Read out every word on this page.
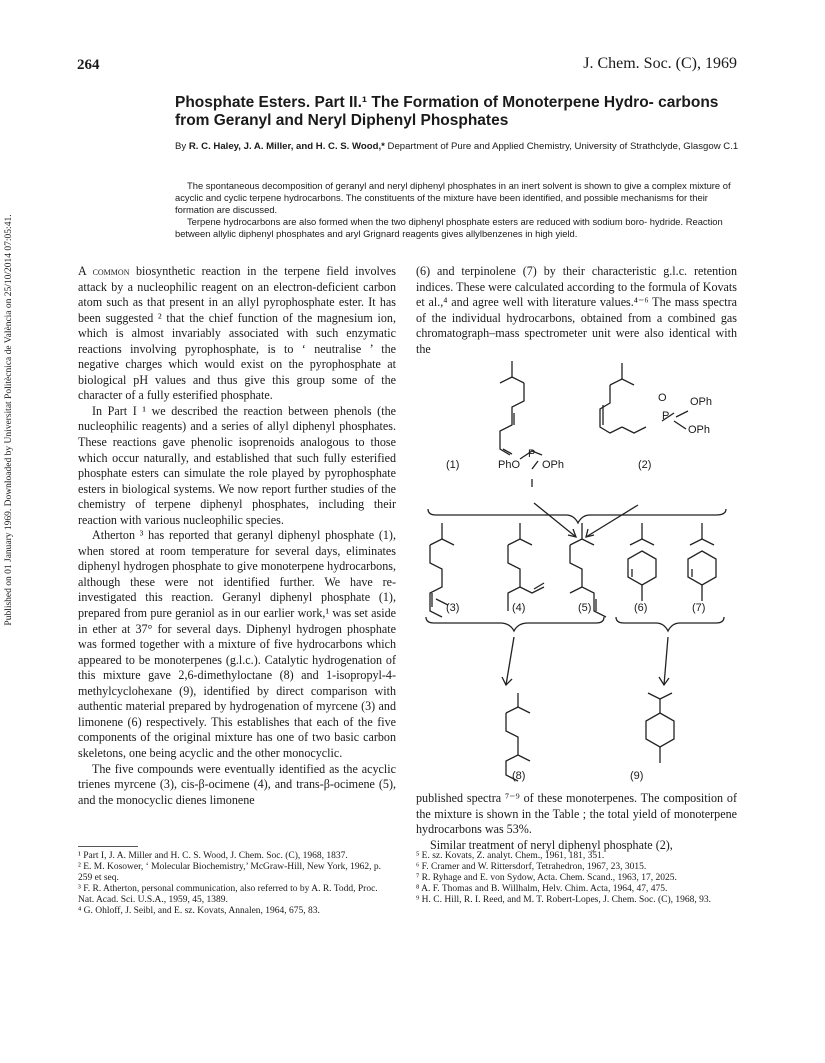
264	J. Chem. Soc. (C), 1969
Published on 01 January 1969. Downloaded by Universitat Politècnica de València on 25/10/2014 07:05:41.
Phosphate Esters. Part II.¹ The Formation of Monoterpene Hydro- carbons from Geranyl and Neryl Diphenyl Phosphates
By R. C. Haley, J. A. Miller, and H. C. S. Wood,* Department of Pure and Applied Chemistry, University of Strathclyde, Glasgow C.1

The spontaneous decomposition of geranyl and neryl diphenyl phosphates in an inert solvent is shown to give a complex mixture of acyclic and cyclic terpene hydrocarbons. The constituents of the mixture have been identified, and possible mechanisms for their formation are discussed.

Terpene hydrocarbons are also formed when the two diphenyl phosphate esters are reduced with sodium boro- hydride. Reaction between allylic diphenyl phosphates and aryl Grignard reagents gives allylbenzenes in high yield.

A common biosynthetic reaction in the terpene field involves attack by a nucleophilic reagent on an electron-deficient carbon atom such as that present in an allyl pyrophosphate ester. It has been suggested ² that the chief function of the magnesium ion, which is almost invariably associated with such enzymatic reactions involving pyrophosphate, is to ‘ neutralise ’ the negative charges which would exist on the pyrophosphate at biological pH values and thus give this group some of the character of a fully esterified phosphate.

In Part I ¹ we described the reaction between phenols (the nucleophilic reagents) and a series of allyl diphenyl phosphates. These reactions gave phenolic isoprenoids analogous to those which occur naturally, and established that such fully esterified phosphate esters can simulate the role played by pyrophosphate esters in biological systems. We now report further studies of the chemistry of terpene diphenyl phosphates, including their reaction with various nucleophilic species.

Atherton ³ has reported that geranyl diphenyl phosphate (1), when stored at room temperature for several days, eliminates diphenyl hydrogen phosphate to give monoterpene hydrocarbons, although these were not identified further. We have re-investigated this reaction. Geranyl diphenyl phosphate (1), prepared from pure geraniol as in our earlier work,¹ was set aside in ether at 37° for several days. Diphenyl hydrogen phosphate was formed together with a mixture of five hydrocarbons which appeared to be monoterpenes (g.l.c.). Catalytic hydrogenation of this mixture gave 2,6-dimethyloctane (8) and 1-isopropyl-4-methylcyclohexane (9), identified by direct comparison with authentic material prepared by hydrogenation of myrcene (3) and limonene (6) respectively. This establishes that each of the five components of the original mixture has one of two basic carbon skeletons, one being acyclic and the other monocyclic.

The five compounds were eventually identified as the acyclic trienes myrcene (3), cis-β-ocimene (4), and trans-β-ocimene (5), and the monocyclic dienes limonene

(6) and terpinolene (7) by their characteristic g.l.c. retention indices. These were calculated according to the formula of Kovats et al.,⁴ and agree well with literature values.⁴⁻⁶ The mass spectra of the individual hydrocarbons, obtained from a combined gas chromatograph–mass spectrometer unit were also identical with the

(1)	(2)
(3)	(4)	(5)	(6)	(7)
(8)	(9)
PhO OPh
P
P
O OPh
OPh

published spectra ⁷⁻⁹ of these monoterpenes. The composition of the mixture is shown in the Table ; the total yield of monoterpene hydrocarbons was 53%.

Similar treatment of neryl diphenyl phosphate (2),

¹ Part I, J. A. Miller and H. C. S. Wood, J. Chem. Soc. (C), 1968, 1837.

² E. M. Kosower, ‘ Molecular Biochemistry,’ McGraw-Hill, New York, 1962, p. 259 et seq.

³ F. R. Atherton, personal communication, also referred to by A. R. Todd, Proc. Nat. Acad. Sci. U.S.A., 1959, 45, 1389.

⁴ G. Ohloff, J. Seibl, and E. sz. Kovats, Annalen, 1964, 675, 83.

⁵ E. sz. Kovats, Z. analyt. Chem., 1961, 181, 351.

⁶ F. Cramer and W. Rittersdorf, Tetrahedron, 1967, 23, 3015.

⁷ R. Ryhage and E. von Sydow, Acta. Chem. Scand., 1963, 17, 2025.

⁸ A. F. Thomas and B. Willhalm, Helv. Chim. Acta, 1964, 47, 475.

⁹ H. C. Hill, R. I. Reed, and M. T. Robert-Lopes, J. Chem. Soc. (C), 1968, 93.
